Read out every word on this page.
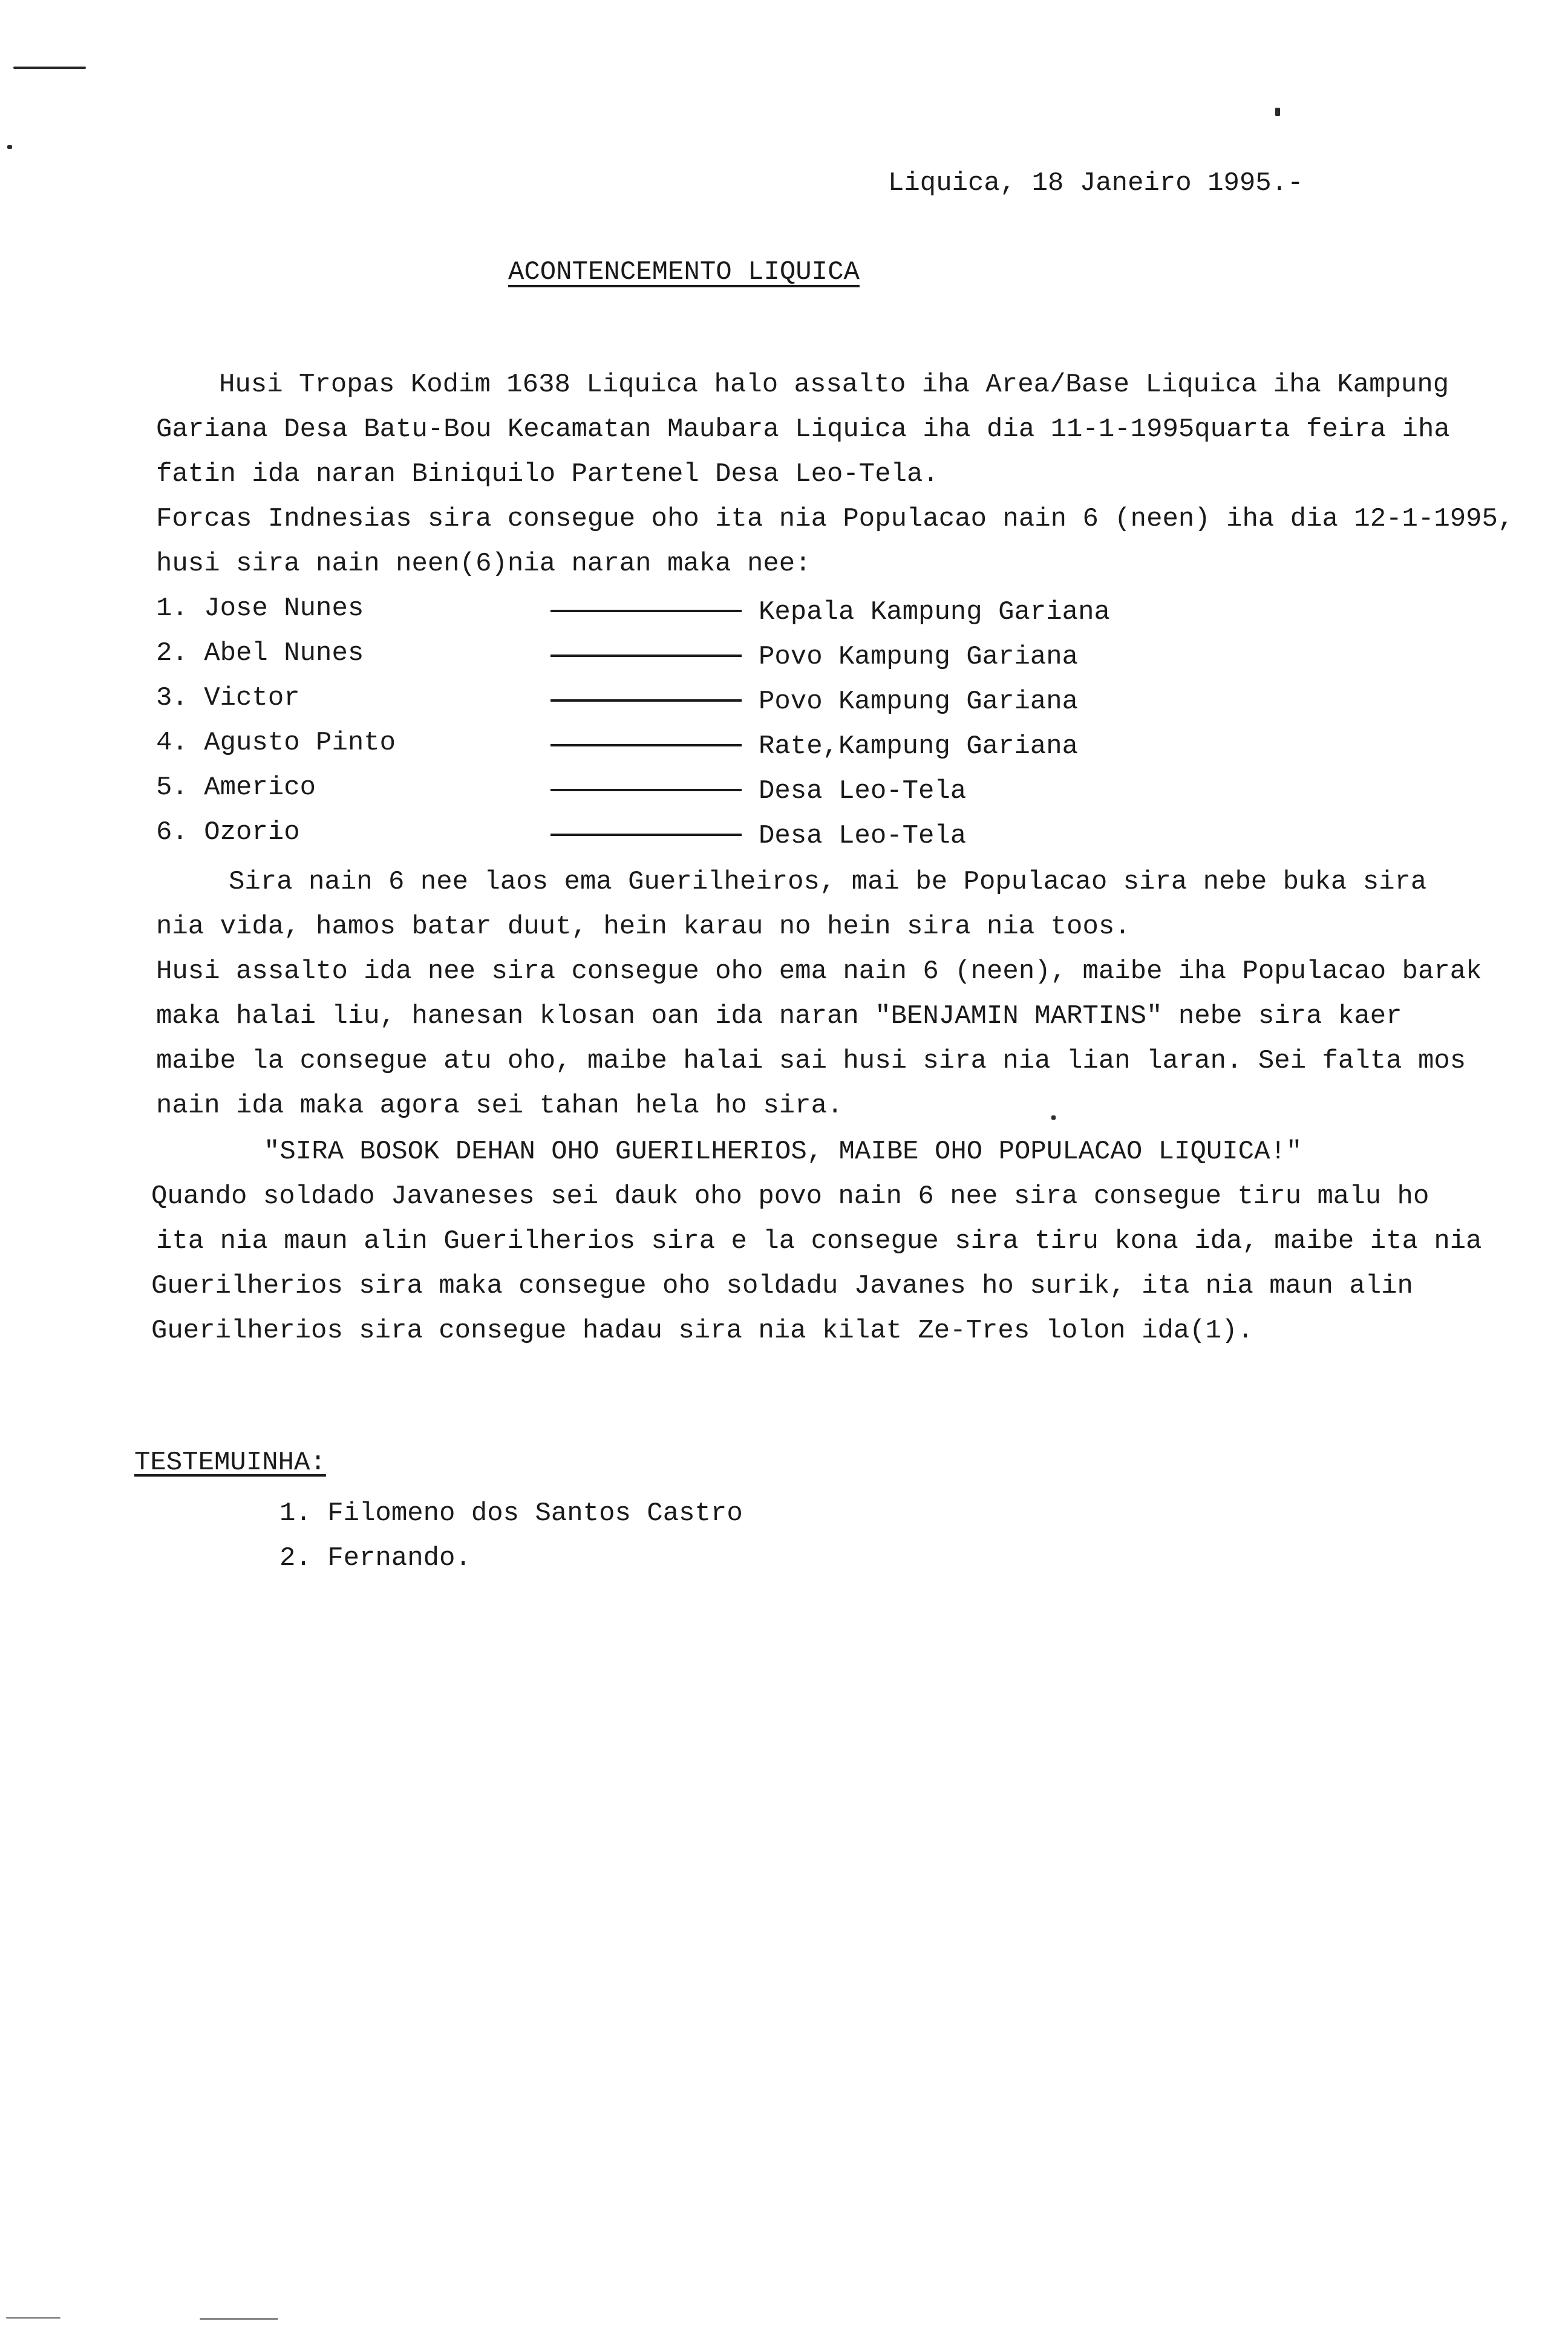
Liquica, 18 Janeiro 1995.-
ACONTENCEMENTO LIQUICA
Husi Tropas Kodim 1638 Liquica halo assalto iha Area/Base Liquica iha Kampung
Gariana Desa Batu-Bou Kecamatan Maubara Liquica iha dia 11-1-1995quarta feira iha
fatin ida naran Biniquilo Partenel Desa Leo-Tela.
Forcas Indnesias sira consegue oho ita nia Populacao nain 6 (neen) iha dia 12-1-1995,
husi sira nain neen(6)nia naran maka nee:
1. Jose Nunes	Kepala Kampung Gariana
2. Abel Nunes	Povo Kampung Gariana
3. Victor	Povo Kampung Gariana
4. Agusto Pinto	Rate,Kampung Gariana
5. Americo	Desa Leo-Tela
6. Ozorio	Desa Leo-Tela
Sira nain 6 nee laos ema Guerilheiros, mai be Populacao sira nebe buka sira
nia vida, hamos batar duut, hein karau no hein sira nia toos.
Husi assalto ida nee sira consegue oho ema nain 6 (neen), maibe iha Populacao barak
maka halai liu, hanesan klosan oan ida naran "BENJAMIN MARTINS" nebe sira kaer
maibe la consegue atu oho, maibe halai sai husi sira nia lian laran. Sei falta mos
nain ida maka agora sei tahan hela ho sira.
"SIRA BOSOK DEHAN OHO GUERILHERIOS, MAIBE OHO POPULACAO LIQUICA!"
Quando soldado Javaneses sei dauk oho povo nain 6 nee sira consegue tiru malu ho
ita nia maun alin Guerilherios sira e la consegue sira tiru kona ida, maibe ita nia
Guerilherios sira maka consegue oho soldadu Javanes ho surik, ita nia maun alin
Guerilherios sira consegue hadau sira nia kilat Ze-Tres lolon ida(1).
TESTEMUINHA:
1. Filomeno dos Santos Castro
2. Fernando.
